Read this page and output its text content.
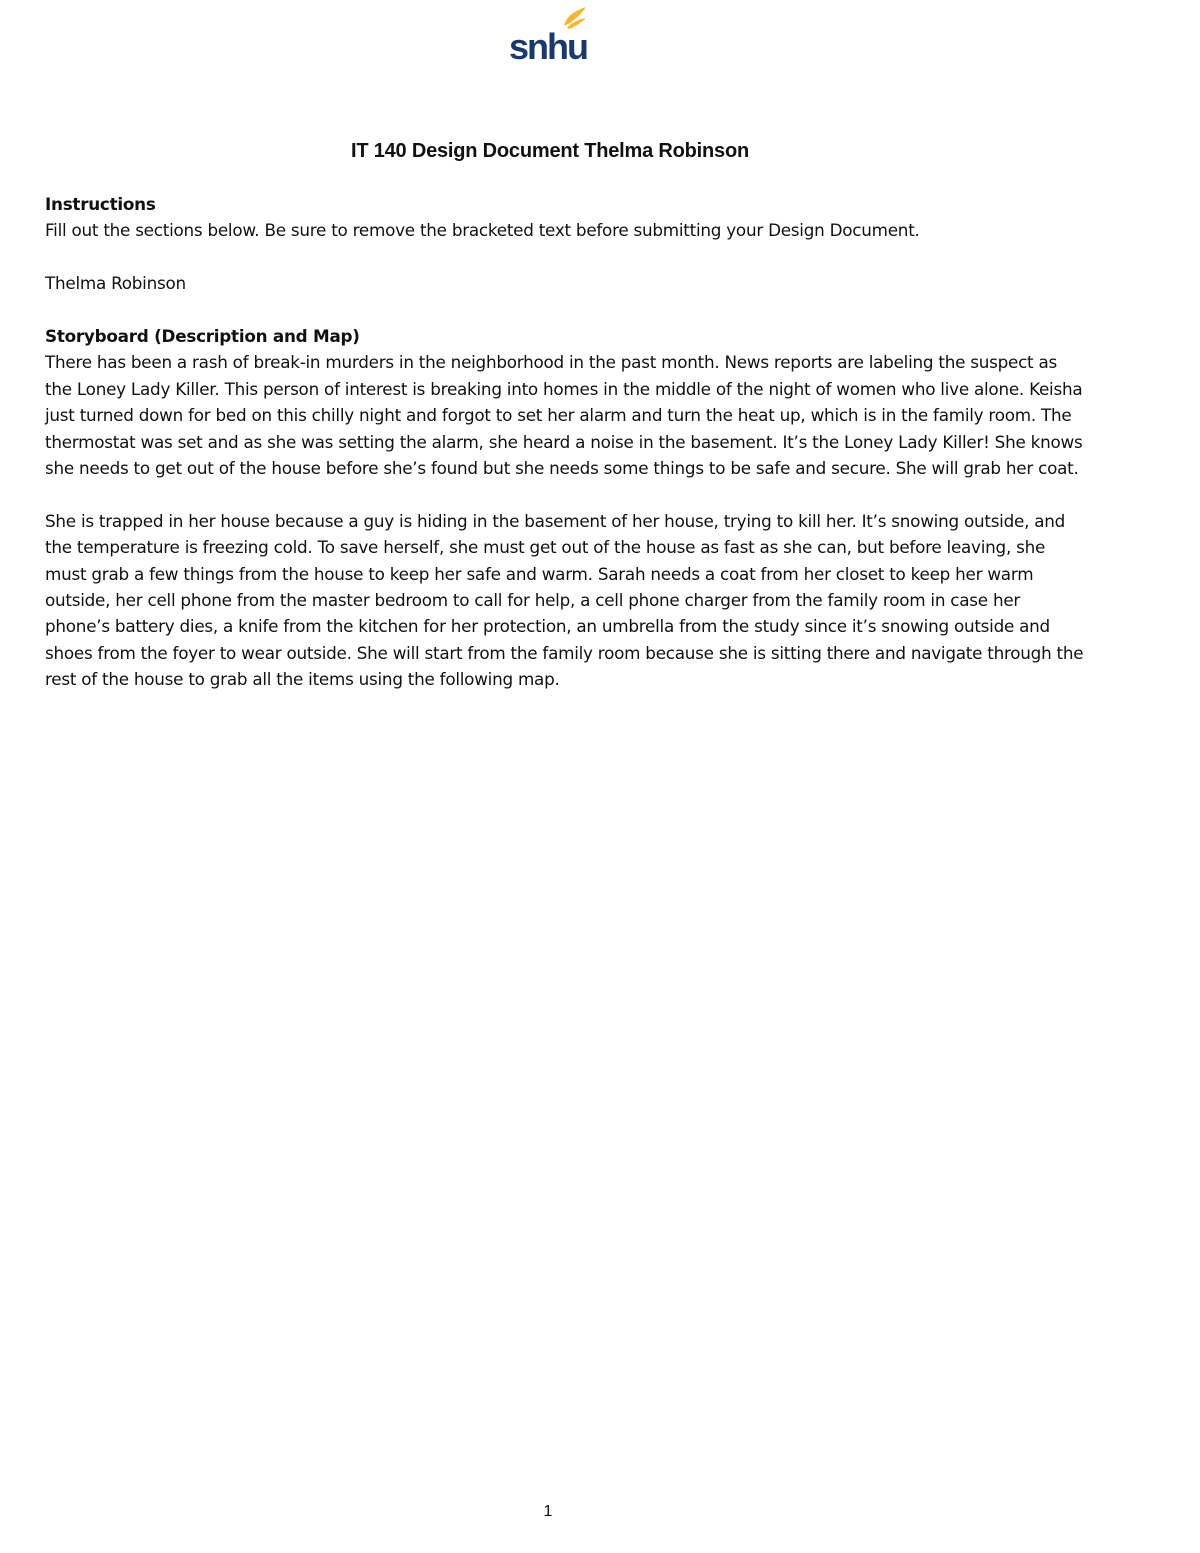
snhu
IT 140 Design Document Thelma Robinson

Instructions

Fill out the sections below. Be sure to remove the bracketed text before submitting your Design Document.

Thelma Robinson

Storyboard (Description and Map)

There has been a rash of break-in murders in the neighborhood in the past month. News reports are labeling the suspect as the Loney Lady Killer. This person of interest is breaking into homes in the middle of the night of women who live alone. Keisha just turned down for bed on this chilly night and forgot to set her alarm and turn the heat up, which is in the family room. The thermostat was set and as she was setting the alarm, she heard a noise in the basement. It’s the Loney Lady Killer! She knows she needs to get out of the house before she’s found but she needs some things to be safe and secure. She will grab her coat.

She is trapped in her house because a guy is hiding in the basement of her house, trying to kill her. It’s snowing outside, and the temperature is freezing cold. To save herself, she must get out of the house as fast as she can, but before leaving, she must grab a few things from the house to keep her safe and warm. Sarah needs a coat from her closet to keep her warm outside, her cell phone from the master bedroom to call for help, a cell phone charger from the family room in case her phone’s battery dies, a knife from the kitchen for her protection, an umbrella from the study since it’s snowing outside and shoes from the foyer to wear outside. She will start from the family room because she is sitting there and navigate through the rest of the house to grab all the items using the following map.

1
